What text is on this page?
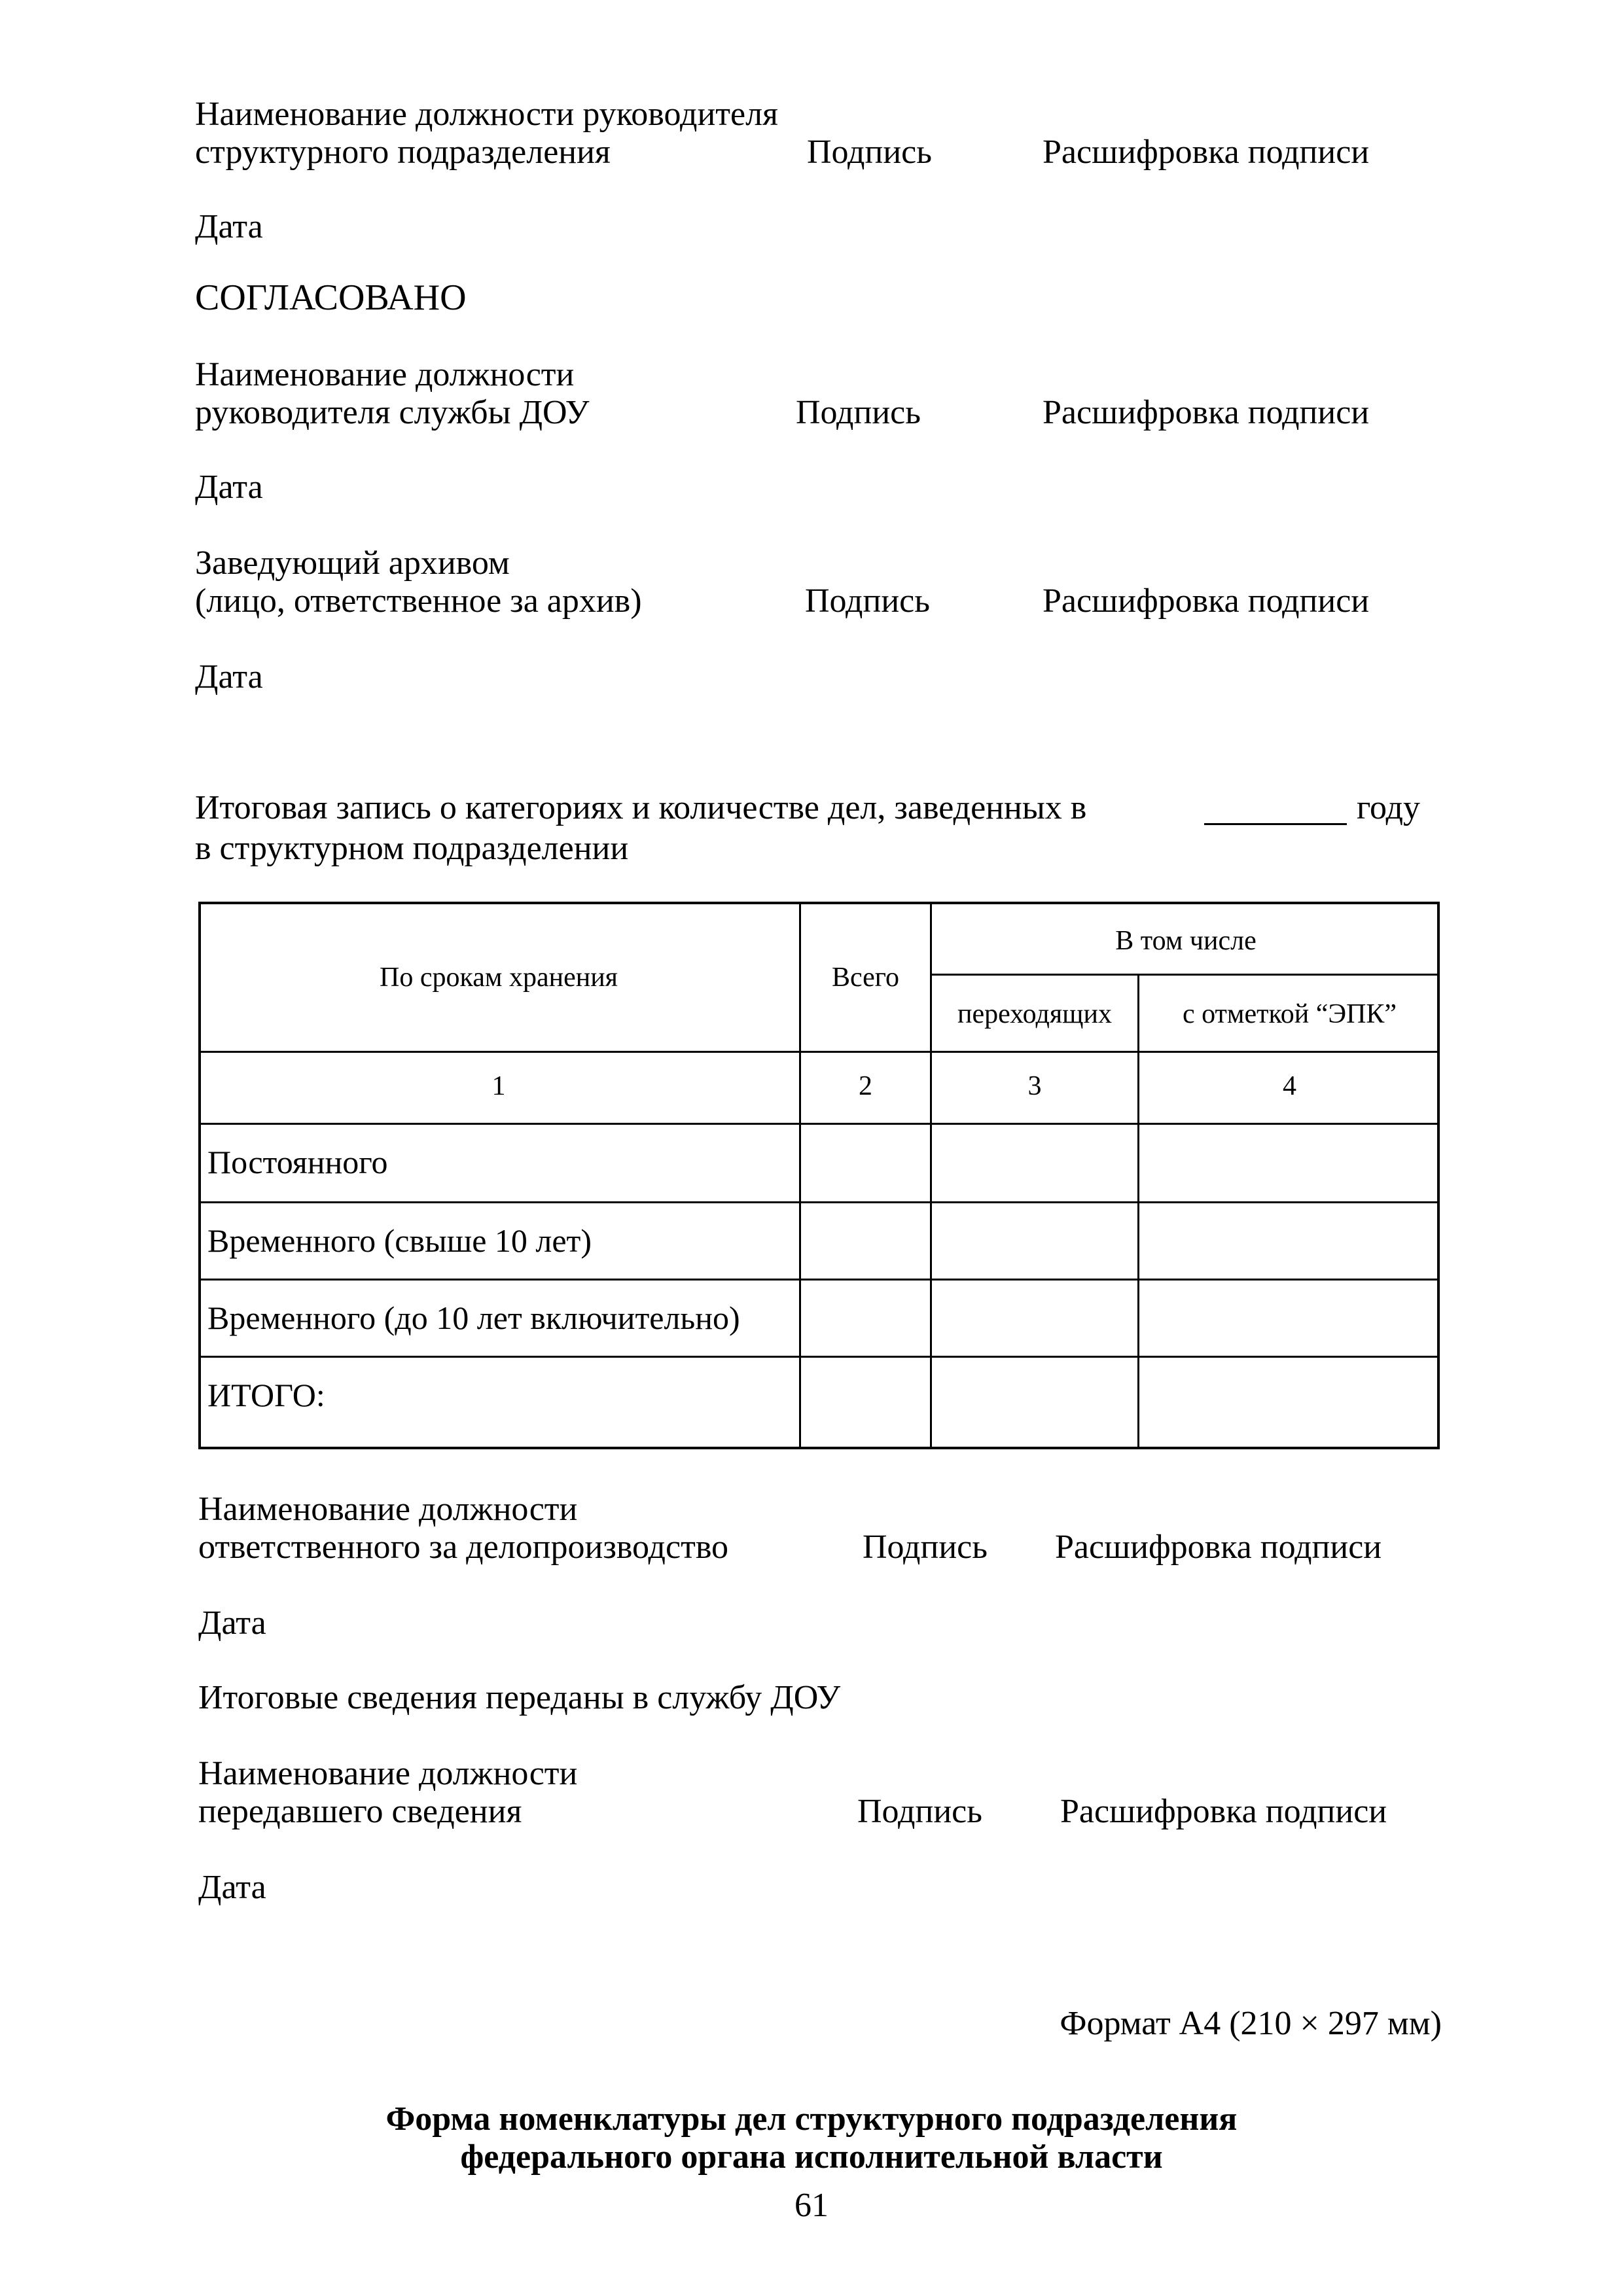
Наименование должности руководителя
структурного подразделения	Подпись	Расшифровка подписи
Дата
СОГЛАСОВАНО
Наименование должности
руководителя службы ДОУ	Подпись	Расшифровка подписи
Дата
Заведующий архивом
(лицо, ответственное за архив)	Подпись	Расшифровка подписи
Дата
Итоговая запись о категориях и количестве дел, заведенных в	году
в структурном подразделении
По срокам хранения	Всего
В том числе
переходящих	с отметкой “ЭПК”
1	2	3	4
Постоянного
Временного (свыше 10 лет)
Временного (до 10 лет включительно)
ИТОГО:
Наименование должности
ответственного за делопроизводство	Подпись Расшифровка подписи
Дата
Итоговые сведения переданы в службу ДОУ
Наименование должности
передавшего сведения	Подпись Расшифровка подписи
Дата
Формат А4 (210 × 297 мм)
Форма номенклатуры дел структурного подразделения
федерального органа исполнительной власти
61
